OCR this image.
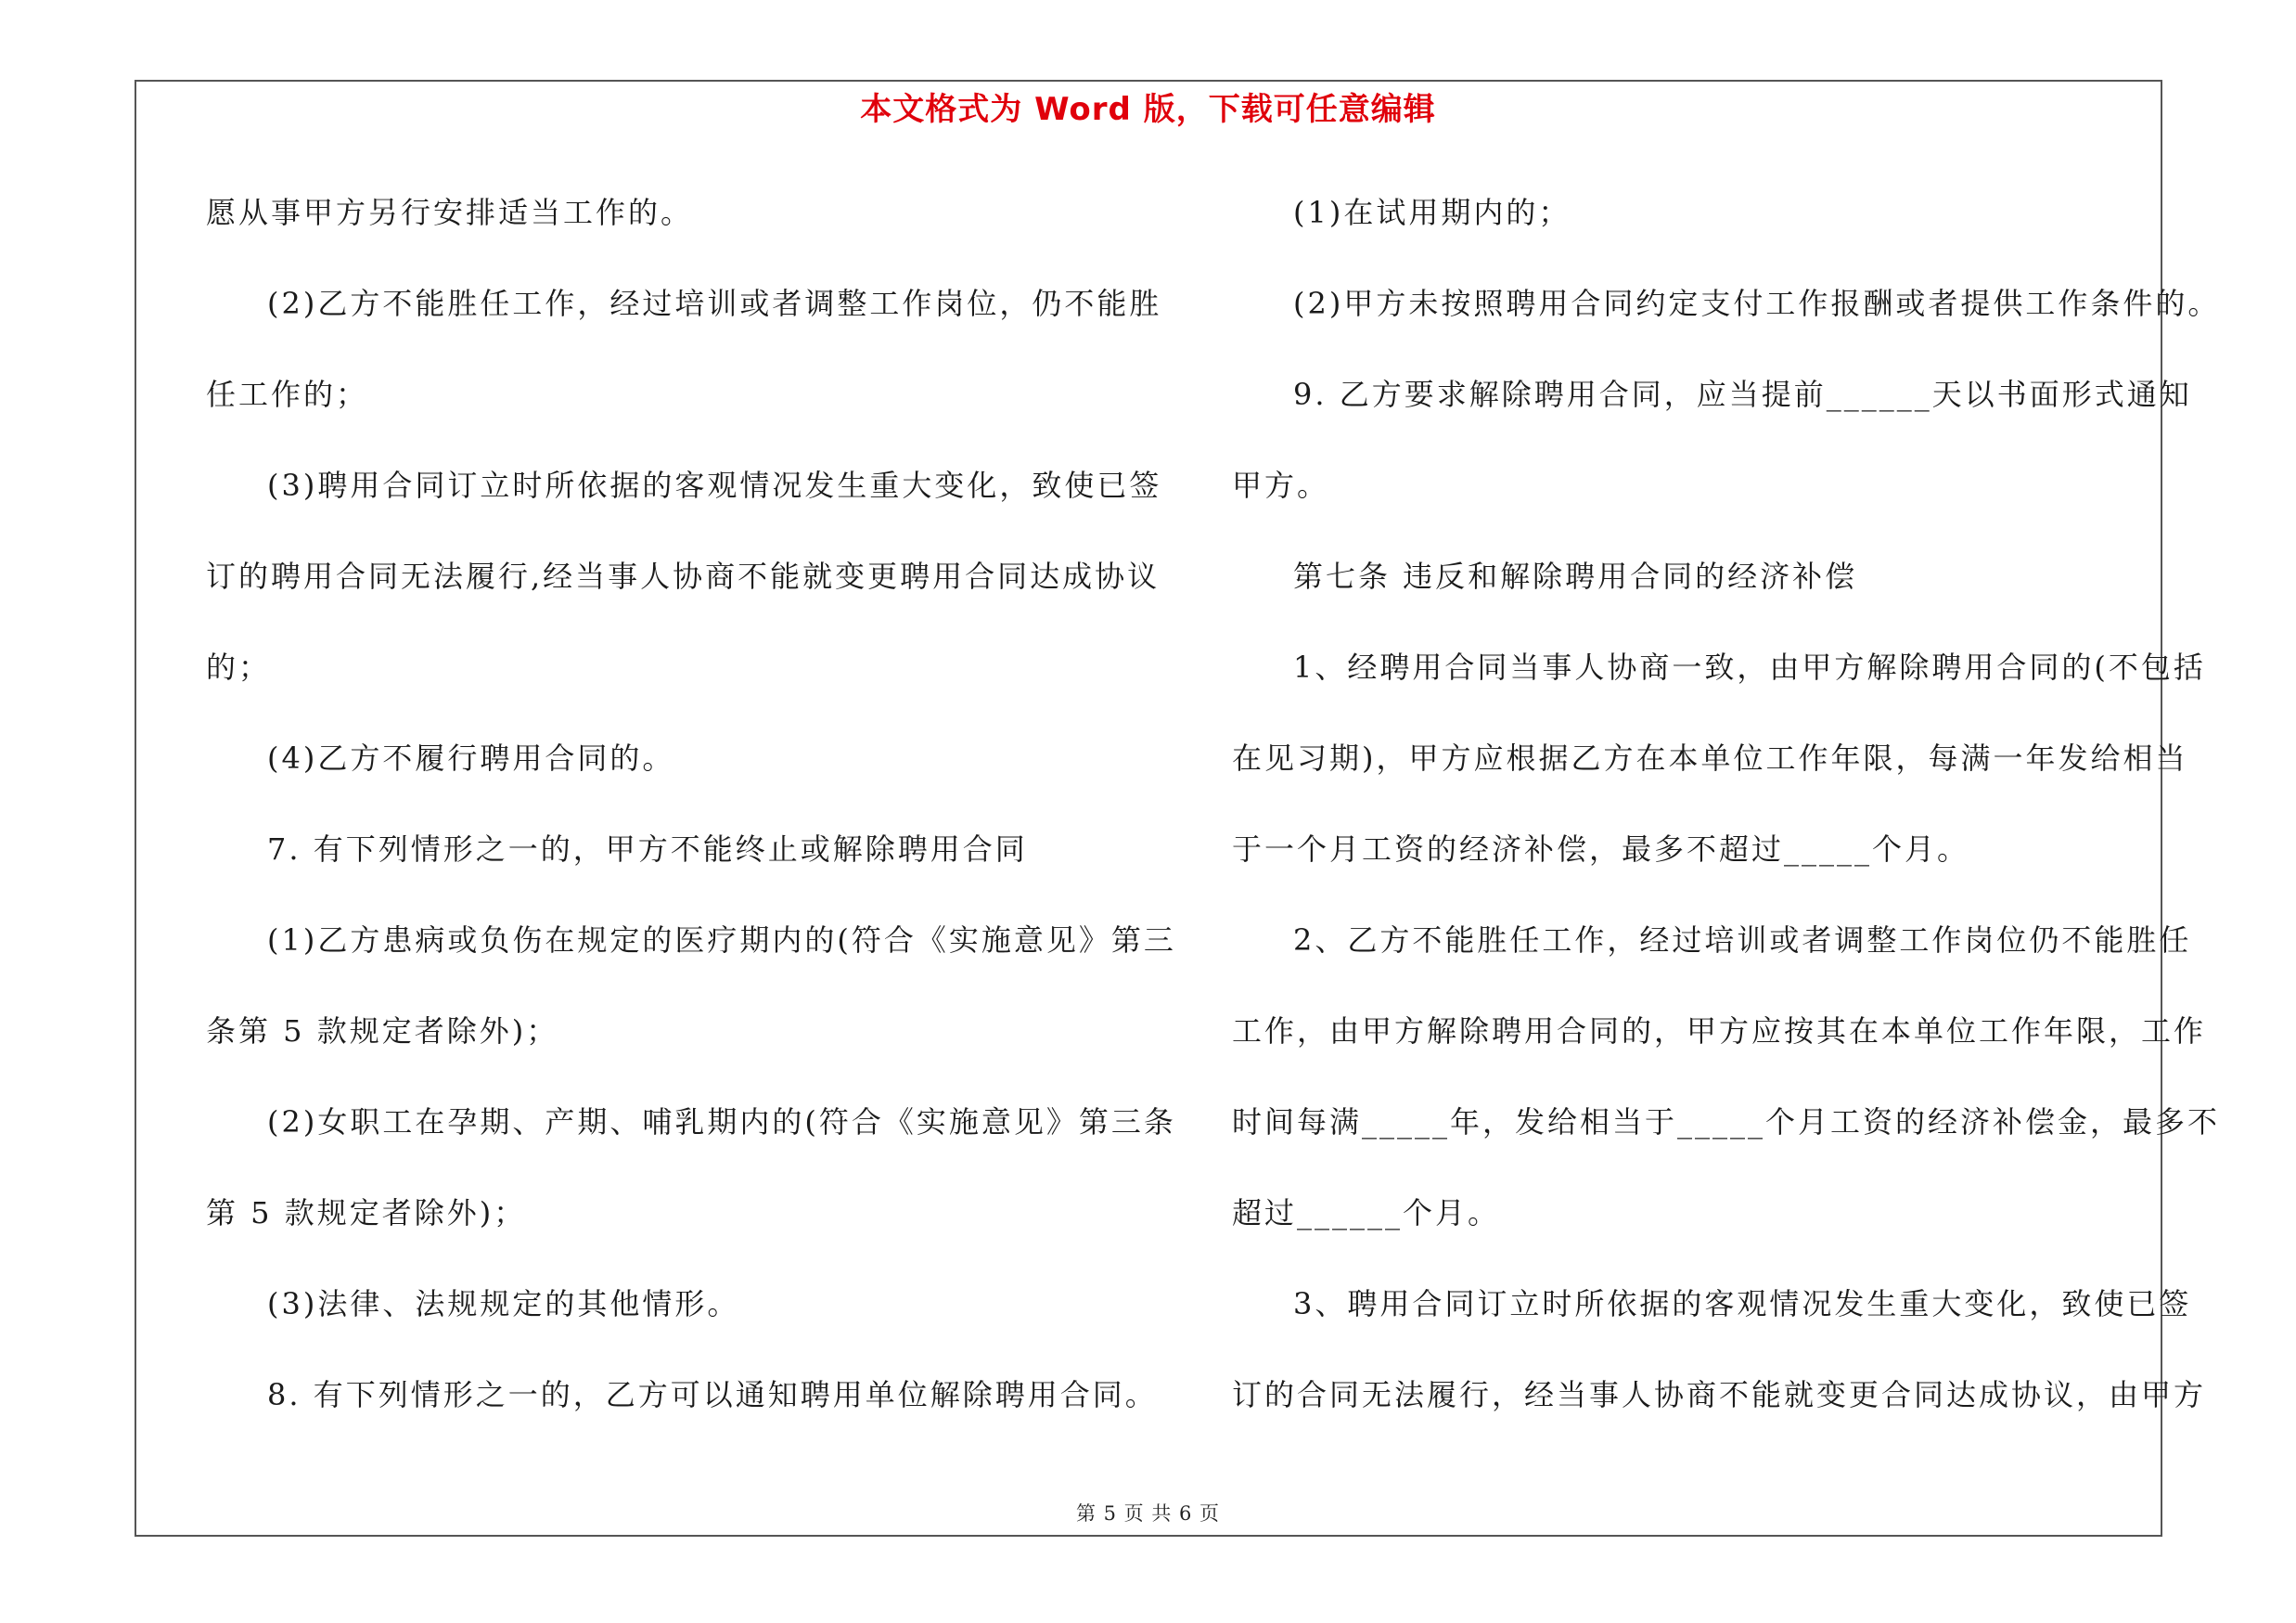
本文格式为 Word 版，下载可任意编辑
愿从事甲方另行安排适当工作的。
(2)乙方不能胜任工作，经过培训或者调整工作岗位，仍不能胜
任工作的；
(3)聘用合同订立时所依据的客观情况发生重大变化，致使已签
订的聘用合同无法履行,经当事人协商不能就变更聘用合同达成协议
的；
(4)乙方不履行聘用合同的。
7. 有下列情形之一的，甲方不能终止或解除聘用合同
(1)乙方患病或负伤在规定的医疗期内的(符合《实施意见》第三
条第 5 款规定者除外)；
(2)女职工在孕期、产期、哺乳期内的(符合《实施意见》第三条
第 5 款规定者除外)；
(3)法律、法规规定的其他情形。
8. 有下列情形之一的，乙方可以通知聘用单位解除聘用合同。
(1)在试用期内的；
(2)甲方未按照聘用合同约定支付工作报酬或者提供工作条件的。
9. 乙方要求解除聘用合同，应当提前______天以书面形式通知
甲方。
第七条 违反和解除聘用合同的经济补偿
1、经聘用合同当事人协商一致，由甲方解除聘用合同的(不包括
在见习期)，甲方应根据乙方在本单位工作年限，每满一年发给相当
于一个月工资的经济补偿，最多不超过_____个月。
2、乙方不能胜任工作，经过培训或者调整工作岗位仍不能胜任
工作，由甲方解除聘用合同的，甲方应按其在本单位工作年限，工作
时间每满_____年，发给相当于_____个月工资的经济补偿金，最多不
超过______个月。
3、聘用合同订立时所依据的客观情况发生重大变化，致使已签
订的合同无法履行，经当事人协商不能就变更合同达成协议，由甲方
第 5 页 共 6 页
